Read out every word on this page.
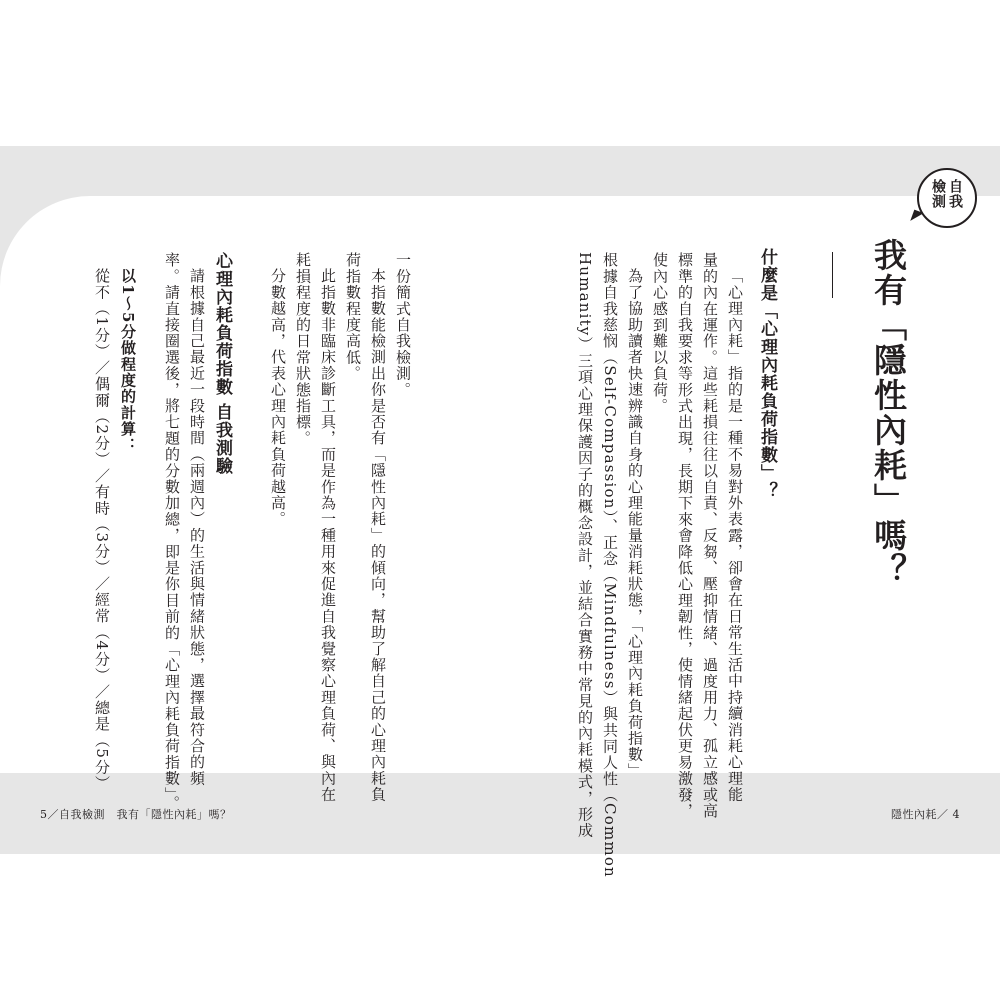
自我
檢測
我有「隱性內耗」嗎？
什麼是「心理內耗負荷指數」？
「心理內耗」指的是一種不易對外表露，卻會在日常生活中持續消耗心理能
量的內在運作。這些耗損往往以自責、反芻、壓抑情緒、過度用力、孤立感或高
標準的自我要求等形式出現，長期下來會降低心理韌性，使情緒起伏更易激發，
使內心感到難以負荷。
為了協助讀者快速辨識自身的心理能量消耗狀態，「心理內耗負荷指數」
根據自我慈悯（Self-Compassion）、正念（Mindfulness）與共同人性（Common
Humanity）三項心理保護因子的概念設計，並結合實務中常見的內耗模式，形成
一份簡式自我檢測。
本指數能檢測出你是否有「隱性內耗」的傾向，幫助了解自己的心理內耗負
荷指數程度高低。
此指數非臨床診斷工具，而是作為一種用來促進自我覺察心理負荷、與內在
耗損程度的日常狀態指標。
分數越高，代表心理內耗負荷越高。
心理內耗負荷指數 自我測驗
請根據自己最近一段時間（兩週內）的生活與情緒狀態，選擇最符合的頻
率。請直接圈選後，將七題的分數加總，即是你目前的「心理內耗負荷指數」。
以1～5分做程度的計算：
從不（1分）／偶爾（2分）／有時（3分）／經常（4分）／總是（5分）
5／自我檢測　我有「隱性內耗」嗎？	隱性內耗／ 4
